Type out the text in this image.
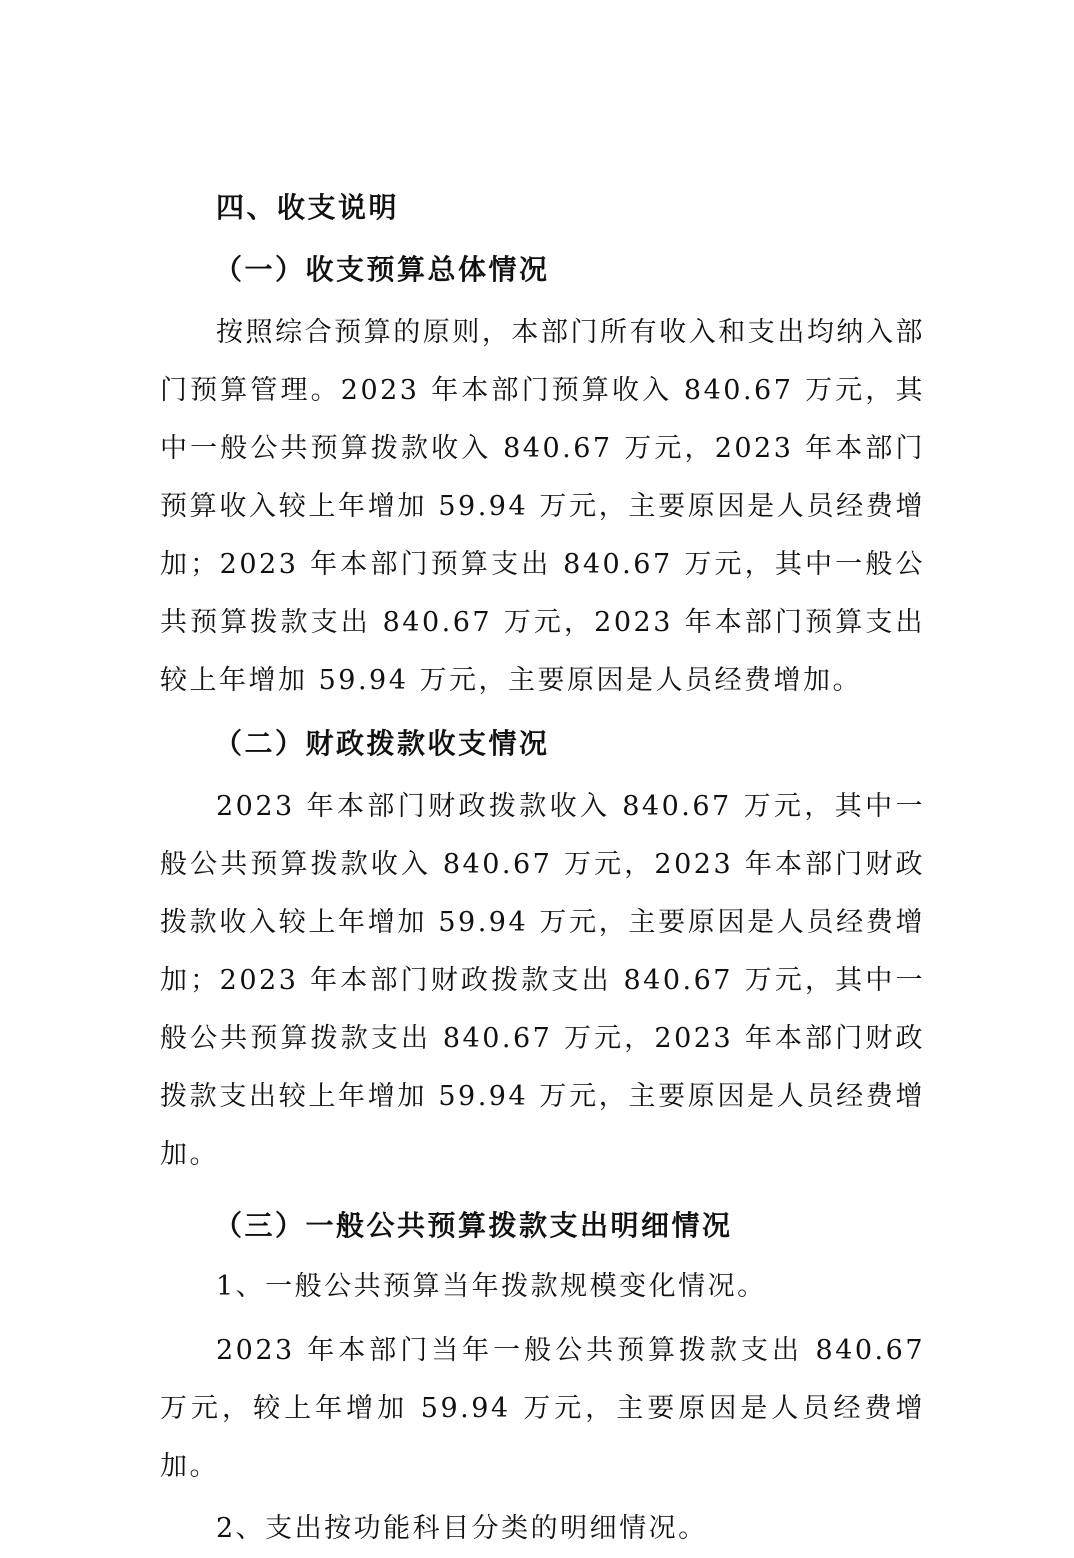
四、收支说明
（一）收支预算总体情况

按照综合预算的原则，本部门所有收入和支出均纳入部门预算管理。2023 年本部门预算收入 840.67 万元，其中一般公共预算拨款收入 840.67 万元，2023 年本部门预算收入较上年增加 59.94 万元，主要原因是人员经费增加；2023 年本部门预算支出 840.67 万元，其中一般公共预算拨款支出 840.67 万元，2023 年本部门预算支出较上年增加 59.94 万元，主要原因是人员经费增加。

（二）财政拨款收支情况

2023 年本部门财政拨款收入 840.67 万元，其中一般公共预算拨款收入 840.67 万元，2023 年本部门财政拨款收入较上年增加 59.94 万元，主要原因是人员经费增加；2023 年本部门财政拨款支出 840.67 万元，其中一般公共预算拨款支出 840.67 万元，2023 年本部门财政拨款支出较上年增加 59.94 万元，主要原因是人员经费增加。

（三）一般公共预算拨款支出明细情况

1、一般公共预算当年拨款规模变化情况。

2023 年本部门当年一般公共预算拨款支出 840.67 万元，较上年增加 59.94 万元，主要原因是人员经费增加。

2、支出按功能科目分类的明细情况。
